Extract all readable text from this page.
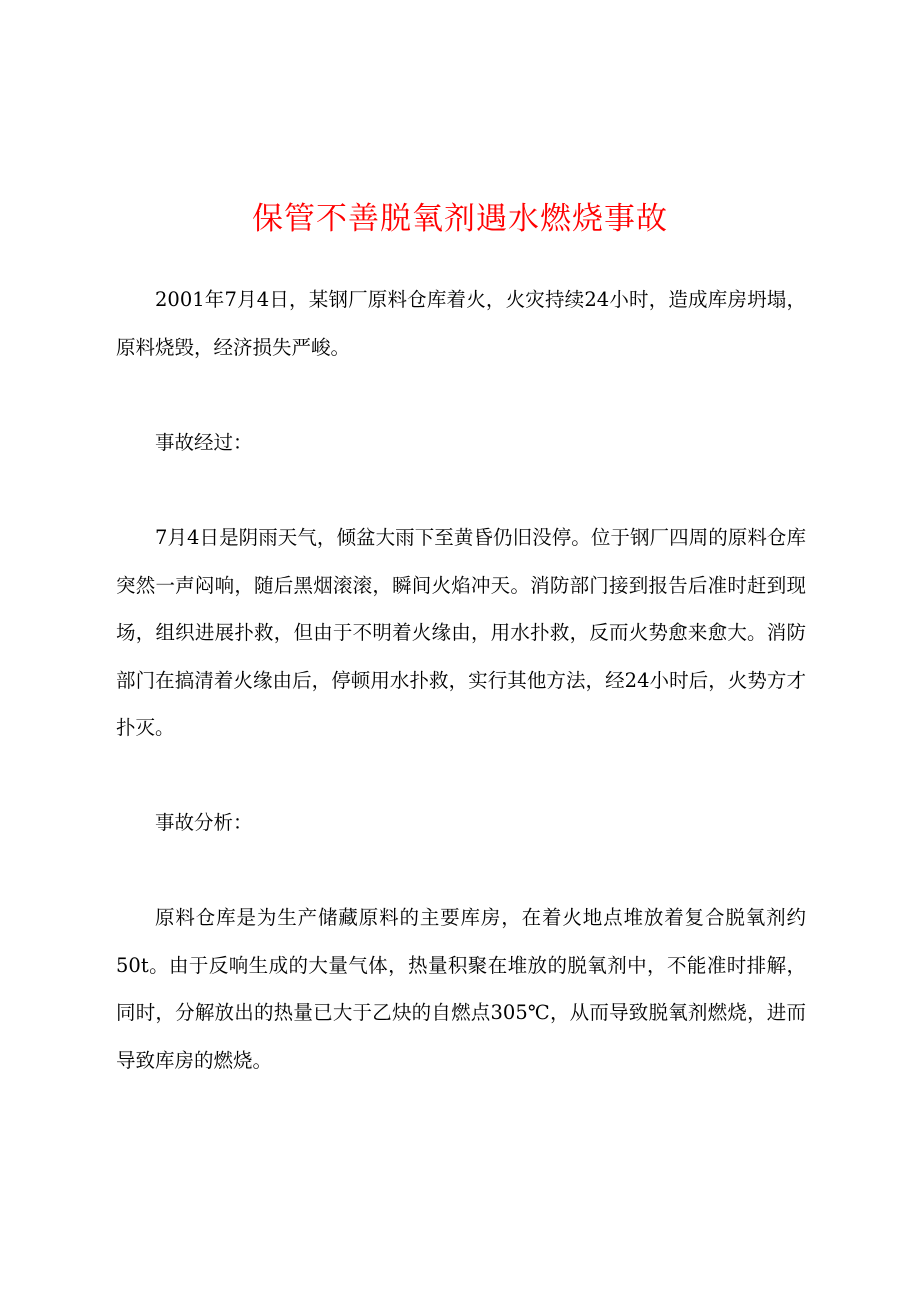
保管不善脱氧剂遇水燃烧事故

2001年7月4日，某钢厂原料仓库着火，火灾持续24小时，造成库房坍塌，原料烧毁，经济损失严峻。

事故经过：

7月4日是阴雨天气，倾盆大雨下至黄昏仍旧没停。位于钢厂四周的原料仓库突然一声闷响，随后黑烟滚滚，瞬间火焰冲天。消防部门接到报告后准时赶到现场，组织进展扑救，但由于不明着火缘由，用水扑救，反而火势愈来愈大。消防部门在搞清着火缘由后，停顿用水扑救，实行其他方法，经24小时后，火势方才扑灭。

事故分析：

原料仓库是为生产储藏原料的主要库房，在着火地点堆放着复合脱氧剂约50t。由于反响生成的大量气体，热量积聚在堆放的脱氧剂中，不能准时排解，同时，分解放出的热量已大于乙炔的自燃点305℃，从而导致脱氧剂燃烧，进而导致库房的燃烧。
